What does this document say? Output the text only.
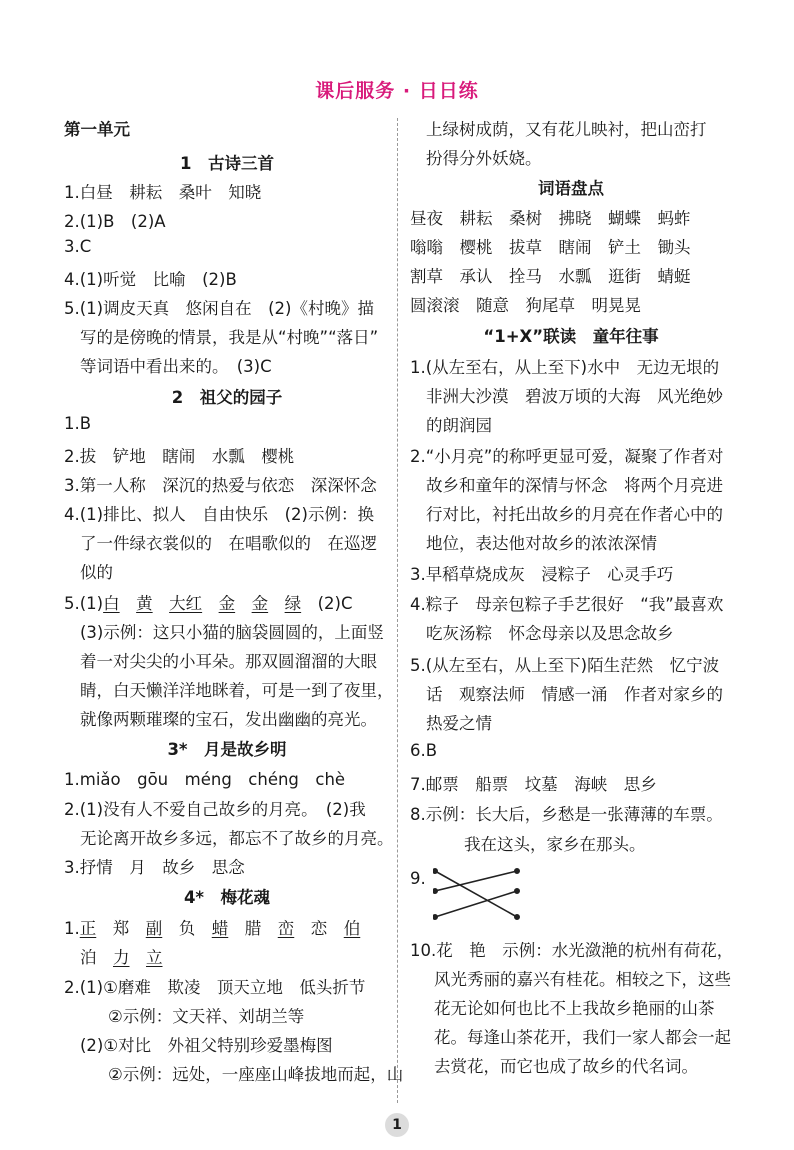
课后服务 · 日日练
第一单元
1　古诗三首
1.白昼　耕耘　桑叶　知晓
2.(1)B　(2)A
3.C
4.(1)听觉　比喻　(2)B
5.(1)调皮天真　悠闲自在　(2)《村晚》描
写的是傍晚的情景，我是从“村晚”“落日”
等词语中看出来的。　(3)C
2　祖父的园子
1.B
2.拔　铲地　瞎闹　水瓢　樱桃
3.第一人称　深沉的热爱与依恋　深深怀念
4.(1)排比、拟人　自由快乐　(2)示例：换
了一件绿衣裳似的　在唱歌似的　在巡逻
似的
5.(1)白　 黄　 大红　 金　 金　 绿　 (2)C
(3)示例：这只小猫的脑袋圆圆的，上面竖
着一对尖尖的小耳朵。那双圆溜溜的大眼
睛，白天懒洋洋地眯着，可是一到了夜里，
就像两颗璀璨的宝石，发出幽幽的亮光。
3*　月是故乡明
1.miǎo　gōu　méng　chéng　chè
2.(1)没有人不爱自己故乡的月亮。　(2)我
无论离开故乡多远，都忘不了故乡的月亮。
3.抒情　月　故乡　思念
4*　梅花魂
1.正　 郑　 副　 负　 蜡　 腊　 峦　 恋　 伯
泊　 力　 立
2.(1)①磨难　欺凌　顶天立地　低头折节
②示例：文天祥、刘胡兰等
(2)①对比　外祖父特别珍爱墨梅图
②示例：远处，一座座山峰拔地而起，山
上绿树成荫，又有花儿映衬，把山峦打
扮得分外妖娆。
词语盘点
昼夜　耕耘　桑树　拂晓　蝴蝶　蚂蚱
嗡嗡　樱桃　拔草　瞎闹　铲土　锄头
割草　承认　拴马　水瓢　逛街　蜻蜓
圆滚滚　随意　狗尾草　明晃晃
“1+X”联读　童年往事
1.(从左至右，从上至下)水中　无边无垠的
非洲大沙漠　碧波万顷的大海　风光绝妙
的朗润园
2.“小月亮”的称呼更显可爱，凝聚了作者对
故乡和童年的深情与怀念　将两个月亮进
行对比，衬托出故乡的月亮在作者心中的
地位，表达他对故乡的浓浓深情
3.早稻草烧成灰　浸粽子　心灵手巧
4.粽子　母亲包粽子手艺很好　“我”最喜欢
吃灰汤粽　怀念母亲以及思念故乡
5.(从左至右，从上至下)陌生茫然　忆宁波
话　观察法师　情感一涌　作者对家乡的
热爱之情
6.B
7.邮票　船票　坟墓　海峡　思乡
8.示例：长大后，乡愁是一张薄薄的车票。
我在这头，家乡在那头。
9.
10.花　艳　示例：水光潋滟的杭州有荷花，
风光秀丽的嘉兴有桂花。相较之下，这些
花无论如何也比不上我故乡艳丽的山茶
花。每逢山茶花开，我们一家人都会一起
去赏花，而它也成了故乡的代名词。
1
